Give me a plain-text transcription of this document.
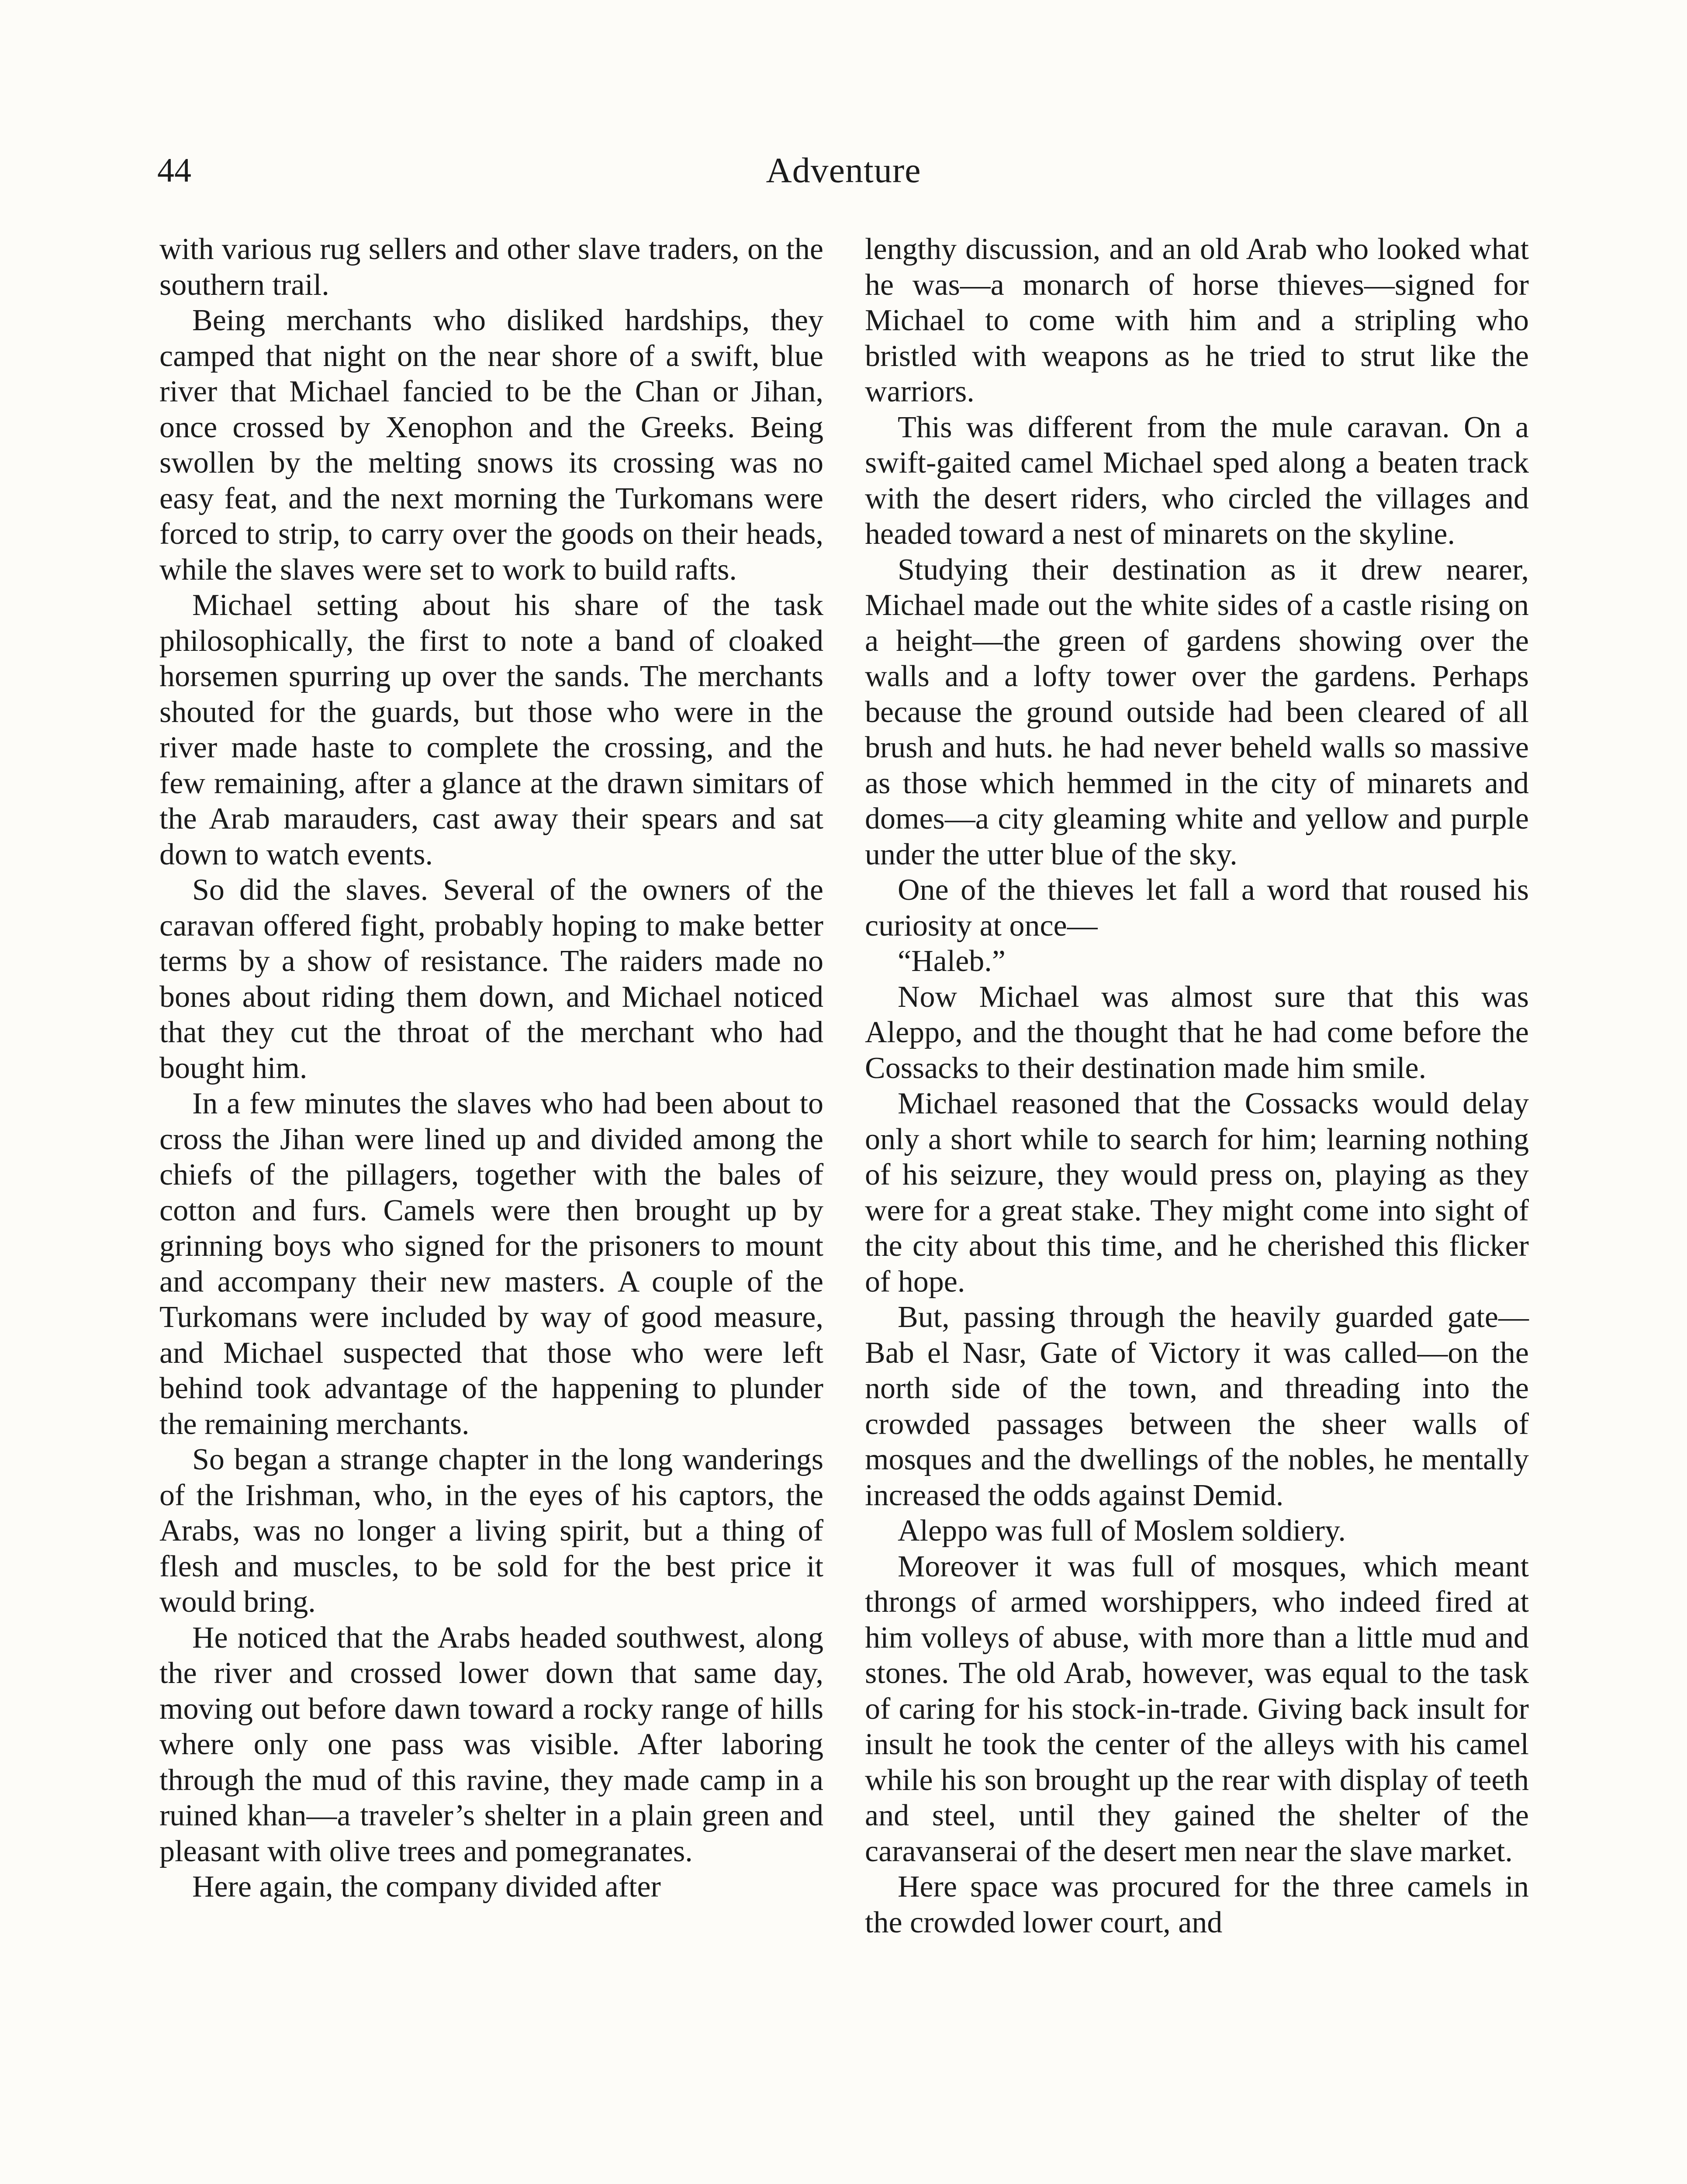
44	Adventure

with various rug sellers and other slave traders, on the southern trail.

Being merchants who disliked hardships, they camped that night on the near shore of a swift, blue river that Michael fancied to be the Chan or Jihan, once crossed by Xenophon and the Greeks. Being swollen by the melting snows its crossing was no easy feat, and the next morning the Turkomans were forced to strip, to carry over the goods on their heads, while the slaves were set to work to build rafts.

Michael setting about his share of the task philosophically, the first to note a band of cloaked horsemen spurring up over the sands. The merchants shouted for the guards, but those who were in the river made haste to complete the crossing, and the few remaining, after a glance at the drawn simitars of the Arab marauders, cast away their spears and sat down to watch events.

So did the slaves. Several of the owners of the caravan offered fight, probably hoping to make better terms by a show of resistance. The raiders made no bones about riding them down, and Michael noticed that they cut the throat of the merchant who had bought him.

In a few minutes the slaves who had been about to cross the Jihan were lined up and divided among the chiefs of the pillagers, together with the bales of cotton and furs. Camels were then brought up by grinning boys who signed for the prisoners to mount and accompany their new masters. A couple of the Turkomans were included by way of good measure, and Michael suspected that those who were left behind took advantage of the happening to plunder the remaining merchants.

So began a strange chapter in the long wanderings of the Irishman, who, in the eyes of his captors, the Arabs, was no longer a living spirit, but a thing of flesh and muscles, to be sold for the best price it would bring.

He noticed that the Arabs headed southwest, along the river and crossed lower down that same day, moving out before dawn toward a rocky range of hills where only one pass was visible. After laboring through the mud of this ravine, they made camp in a ruined khan—a traveler’s shelter in a plain green and pleasant with olive trees and pomegranates.

Here again, the company divided after

lengthy discussion, and an old Arab who looked what he was—a monarch of horse thieves—signed for Michael to come with him and a stripling who bristled with weapons as he tried to strut like the warriors.

This was different from the mule caravan. On a swift-gaited camel Michael sped along a beaten track with the desert riders, who circled the villages and headed toward a nest of minarets on the skyline.

Studying their destination as it drew nearer, Michael made out the white sides of a castle rising on a height—the green of gardens showing over the walls and a lofty tower over the gardens. Perhaps because the ground outside had been cleared of all brush and huts. he had never beheld walls so massive as those which hemmed in the city of minarets and domes—a city gleaming white and yellow and purple under the utter blue of the sky.

One of the thieves let fall a word that roused his curiosity at once—

“Haleb.”

Now Michael was almost sure that this was Aleppo, and the thought that he had come before the Cossacks to their destination made him smile.

Michael reasoned that the Cossacks would delay only a short while to search for him; learning nothing of his seizure, they would press on, playing as they were for a great stake. They might come into sight of the city about this time, and he cherished this flicker of hope.

But, passing through the heavily guarded gate—Bab el Nasr, Gate of Victory it was called—on the north side of the town, and threading into the crowded passages between the sheer walls of mosques and the dwellings of the nobles, he mentally increased the odds against Demid.

Aleppo was full of Moslem soldiery.

Moreover it was full of mosques, which meant throngs of armed worshippers, who indeed fired at him volleys of abuse, with more than a little mud and stones. The old Arab, however, was equal to the task of caring for his stock-in-trade. Giving back insult for insult he took the center of the alleys with his camel while his son brought up the rear with display of teeth and steel, until they gained the shelter of the caravanserai of the desert men near the slave market.

Here space was procured for the three camels in the crowded lower court, and
